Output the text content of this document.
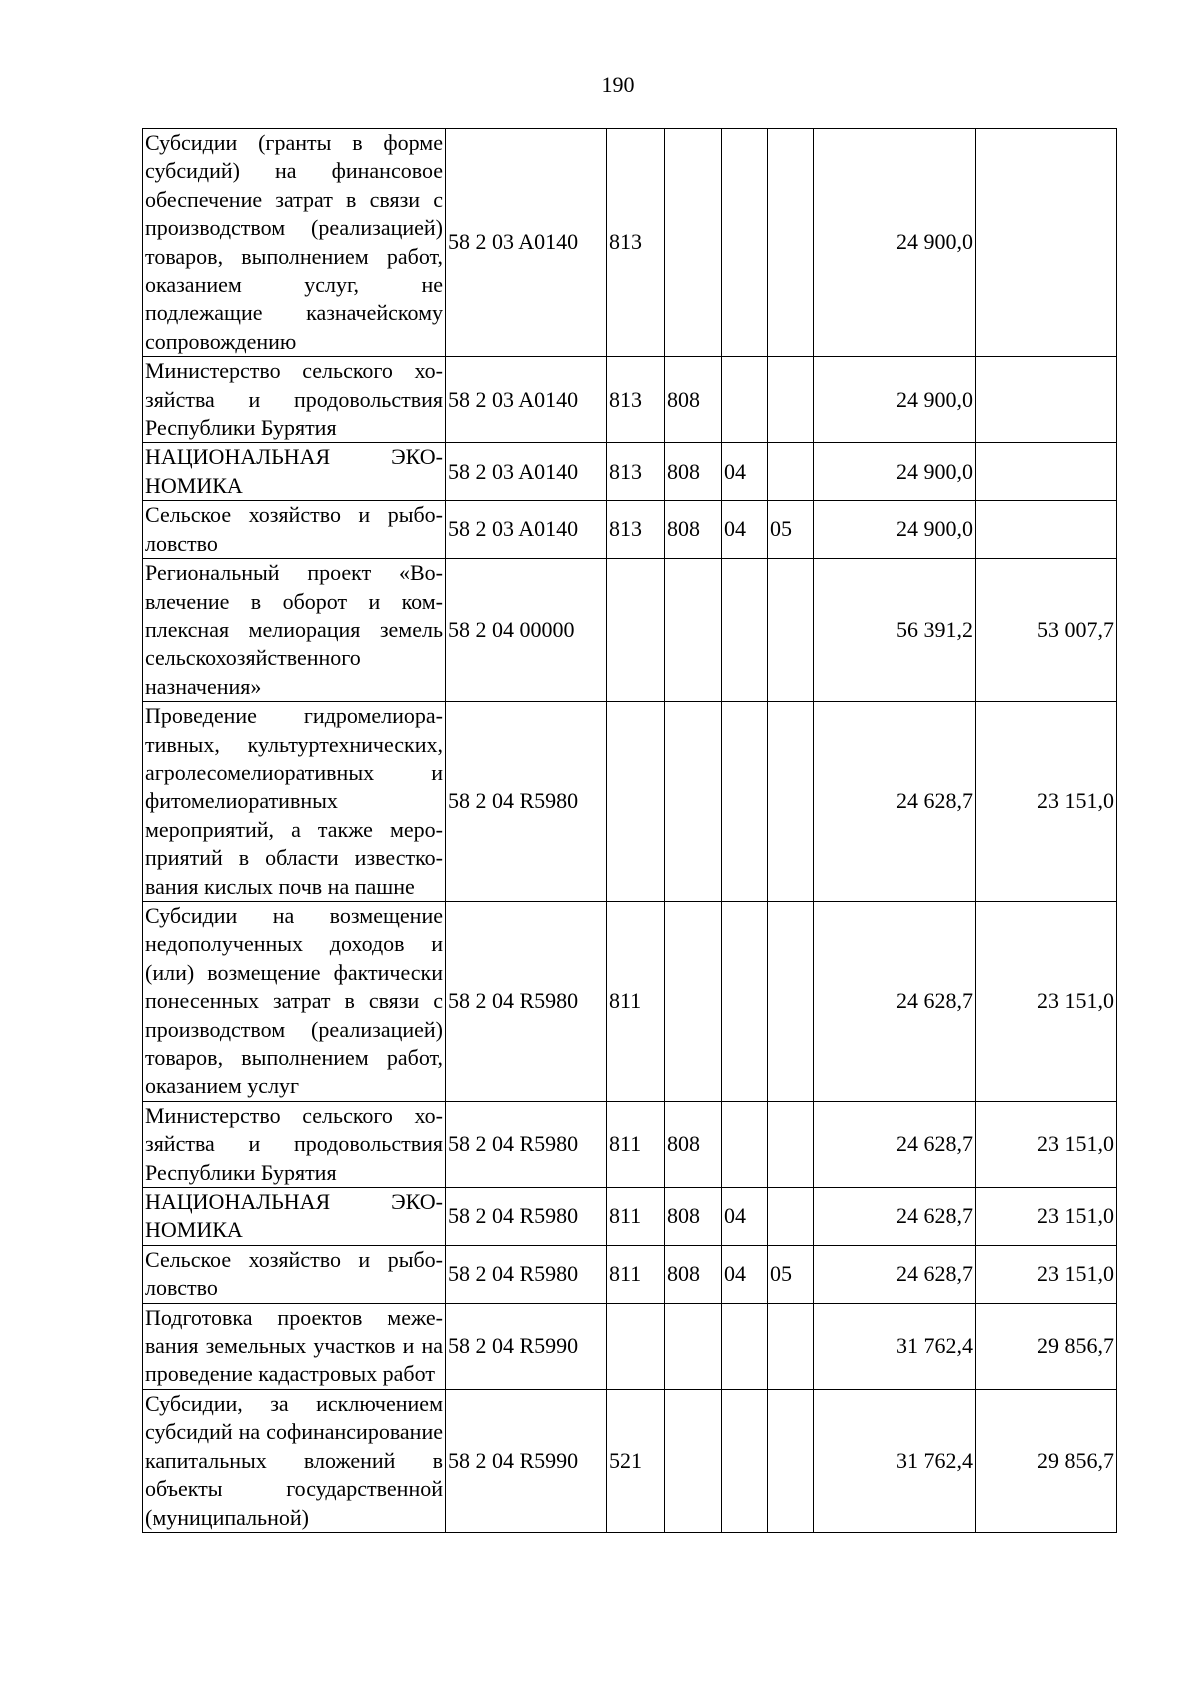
190
Субсидии (гранты в форме субсидий) на финансовое обеспечение затрат в связи с производством (реализацией) товаров, выполнением работ, оказанием услуг, не подлежащие казначейскому сопровождению	58 2 03 A0140	813				24 900,0	
Министерство сельского хозяйства и продовольствия Республики Бурятия	58 2 03 A0140	813	808			24 900,0	
НАЦИОНАЛЬНАЯ ЭКОНОМИКА	58 2 03 A0140	813	808	04		24 900,0	
Сельское хозяйство и рыболовство	58 2 03 A0140	813	808	04	05	24 900,0	
Региональный проект «Вовлечение в оборот и комплексная мелиорация земель сельскохозяйственного назначения»	58 2 04 00000					56 391,2	53 007,7
Проведение гидромелиоративных, культуртехнических, агролесомелиоративных и фитомелиоративных мероприятий, а также мероприятий в области известкования кислых почв на пашне	58 2 04 R5980					24 628,7	23 151,0
Субсидии на возмещение недополученных доходов и (или) возмещение фактически понесенных затрат в связи с производством (реализацией) товаров, выполнением работ, оказанием услуг	58 2 04 R5980	811				24 628,7	23 151,0
Министерство сельского хозяйства и продовольствия Республики Бурятия	58 2 04 R5980	811	808			24 628,7	23 151,0
НАЦИОНАЛЬНАЯ ЭКОНОМИКА	58 2 04 R5980	811	808	04		24 628,7	23 151,0
Сельское хозяйство и рыболовство	58 2 04 R5980	811	808	04	05	24 628,7	23 151,0
Подготовка проектов межевания земельных участков и на проведение кадастровых работ	58 2 04 R5990					31 762,4	29 856,7
Субсидии, за исключением субсидий на софинансирование капитальных вложений в объекты государственной (муниципальной)	58 2 04 R5990	521				31 762,4	29 856,7
